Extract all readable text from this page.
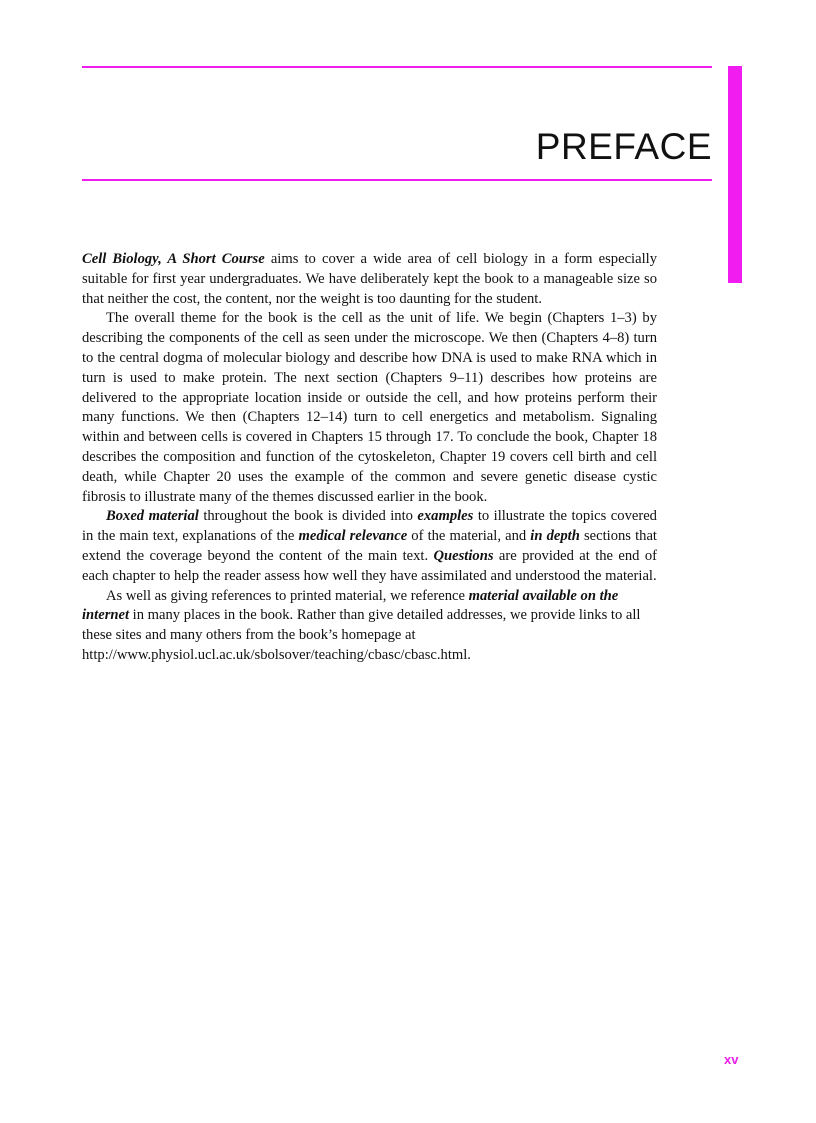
PREFACE

Cell Biology, A Short Course aims to cover a wide area of cell biology in a form especially suitable for first year undergraduates. We have deliberately kept the book to a manageable size so that neither the cost, the content, nor the weight is too daunting for the student.

The overall theme for the book is the cell as the unit of life. We begin (Chapters 1–3) by describing the components of the cell as seen under the microscope. We then (Chapters 4–8) turn to the central dogma of molecular biology and describe how DNA is used to make RNA which in turn is used to make protein. The next section (Chapters 9–11) describes how proteins are delivered to the appropriate location inside or outside the cell, and how proteins perform their many functions. We then (Chapters 12–14) turn to cell energetics and metabolism. Signaling within and between cells is covered in Chapters 15 through 17. To conclude the book, Chapter 18 describes the composition and function of the cytoskeleton, Chapter 19 covers cell birth and cell death, while Chapter 20 uses the example of the common and severe genetic disease cystic fibrosis to illustrate many of the themes discussed earlier in the book.

Boxed material throughout the book is divided into examples to illustrate the topics covered in the main text, explanations of the medical relevance of the material, and in depth sections that extend the coverage beyond the content of the main text. Questions are provided at the end of each chapter to help the reader assess how well they have assimilated and understood the material.

As well as giving references to printed material, we reference material available on the internet in many places in the book. Rather than give detailed addresses, we provide links to all these sites and many others from the book’s homepage at
http://www.physiol.ucl.ac.uk/sbolsover/teaching/cbasc/cbasc.html.

xv
